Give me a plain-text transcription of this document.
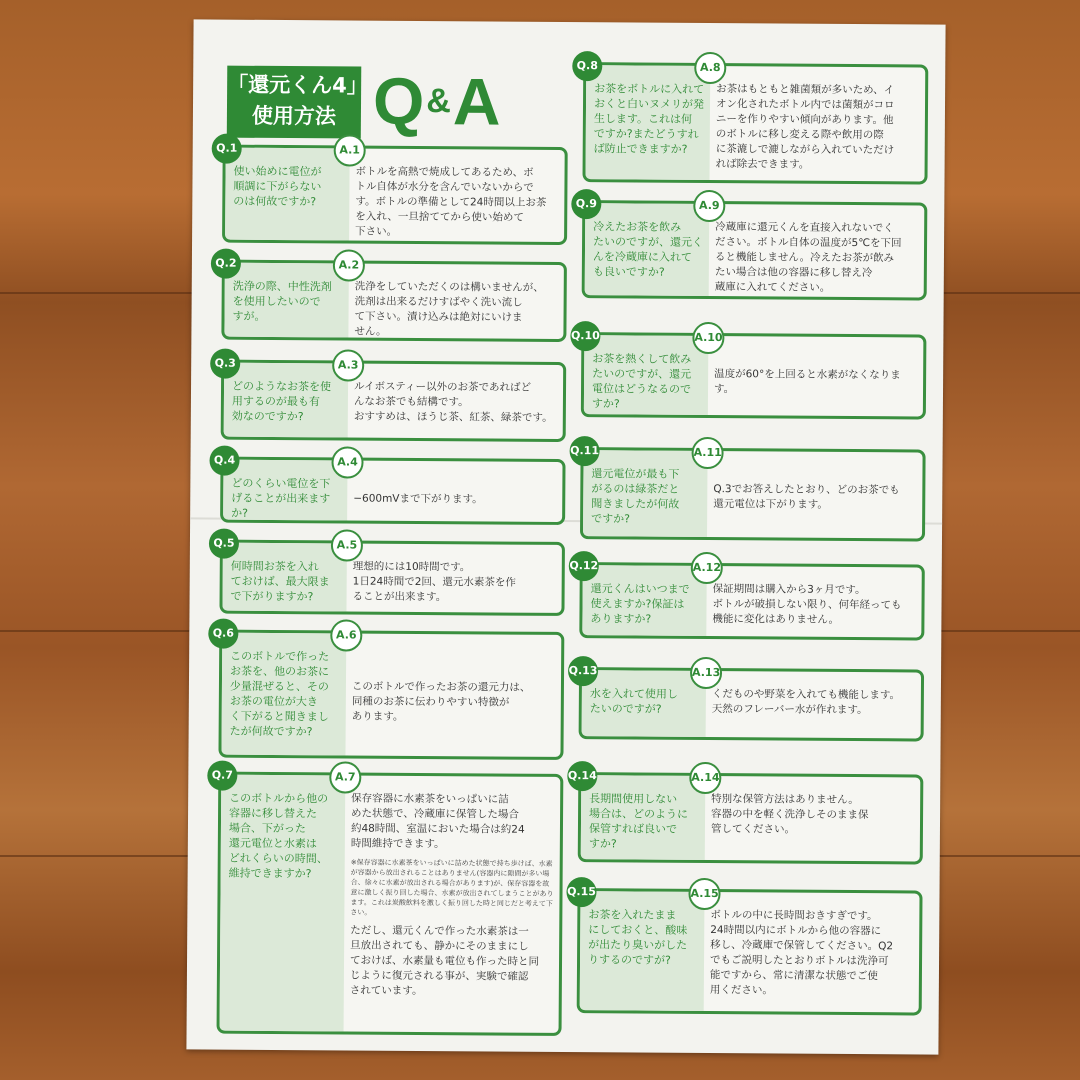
「還元くん4」
使用方法 Q &A
Q.1	A.1
使い始めに電位が
順調に下がらない
のは何故ですか?
ボトルを高熱で焼成してあるため、ボ
トル自体が水分を含んでいないからで
す。ボトルの準備として24時間以上お茶
を入れ、一旦捨ててから使い始めて
下さい。
Q.2	A.2
洗浄の際、中性洗剤
を使用したいので
すが。
洗浄をしていただくのは構いませんが、
洗剤は出来るだけすばやく洗い流し
て下さい。漬け込みは絶対にいけま
せん。
Q.3	A.3
どのようなお茶を使
用するのが最も有
効なのですか?
ルイボスティー以外のお茶であればど
んなお茶でも結構です。
おすすめは、ほうじ茶、紅茶、緑茶です。
Q.4	A.4
どのくらい電位を下
げることが出来ます
か?

−600mVまで下がります。
Q.5	A.5
何時間お茶を入れ
ておけば、最大限ま
で下がりますか?
理想的には10時間です。
1日24時間で2回、還元水素茶を作
ることが出来ます。
Q.6	A.6
このボトルで作った
お茶を、他のお茶に
少量混ぜると、その
お茶の電位が大き
く下がると聞きまし
たが何故ですか?

このボトルで作ったお茶の還元力は、
同種のお茶に伝わりやすい特徴が
あります。
Q.7	A.7
このボトルから他の
容器に移し替えた
場合、下がった
還元電位と水素は
どれくらいの時間、
維持できますか?
保存容器に水素茶をいっぱいに詰
めた状態で、冷蔵庫に保管した場合
約48時間、室温においた場合は約24
時間維持できます。
※保存容器に水素茶をいっぱいに詰めた状態で持ち歩けば、水素が容器から放出されることはありません(容器内に隙間が多い場合、徐々に水素が放出される場合があります)が、保存容器を故意に激しく振り回した場合、水素が放出されてしまうことがあります。これは炭酸飲料を激しく振り回した時と同じだと考えて下さい。
ただし、還元くんで作った水素茶は一
旦放出されても、静かにそのままにし
ておけば、水素量も電位も作った時と同
じように復元される事が、実験で確認
されています。
Q.8	A.8
お茶をボトルに入れて
おくと白いヌメリが発
生します。これは何
ですか?またどうすれ
ば防止できますか?
お茶はもともと雑菌類が多いため、イ
オン化されたボトル内では菌類がコロ
ニーを作りやすい傾向があります。他
のボトルに移し変える際や飲用の際
に茶漉しで漉しながら入れていただけ
れば除去できます。
Q.9	A.9
冷えたお茶を飲み
たいのですが、還元く
んを冷蔵庫に入れて
も良いですか?
冷蔵庫に還元くんを直接入れないでく
ださい。ボトル自体の温度が5℃を下回
ると機能しません。冷えたお茶が飲み
たい場合は他の容器に移し替え冷
蔵庫に入れてください。
Q.10	A.10
お茶を熱くして飲み
たいのですが、還元
電位はどうなるので
すか?

温度が60°を上回ると水素がなくなります。
Q.11	A.11
還元電位が最も下
がるのは緑茶だと
聞きましたが何故
ですか?

Q.3でお答えしたとおり、どのお茶でも
還元電位は下がります。
Q.12	A.12
還元くんはいつまで
使えますか?保証は
ありますか?
保証期間は購入から3ヶ月です。
ボトルが破損しない限り、何年経っても
機能に変化はありません。
Q.13	A.13
水を入れて使用し
たいのですが?
くだものや野菜を入れても機能します。
天然のフレーバー水が作れます。
Q.14	A.14
長期間使用しない
場合は、どのように
保管すれば良いで
すか?
特別な保管方法はありません。
容器の中を軽く洗浄しそのまま保
管してください。
Q.15	A.15
お茶を入れたまま
にしておくと、酸味
が出たり臭いがした
りするのですが?
ボトルの中に長時間おきすぎです。
24時間以内にボトルから他の容器に
移し、冷蔵庫で保管してください。Q2
でもご説明したとおりボトルは洗浄可
能ですから、常に清潔な状態でご使
用ください。
